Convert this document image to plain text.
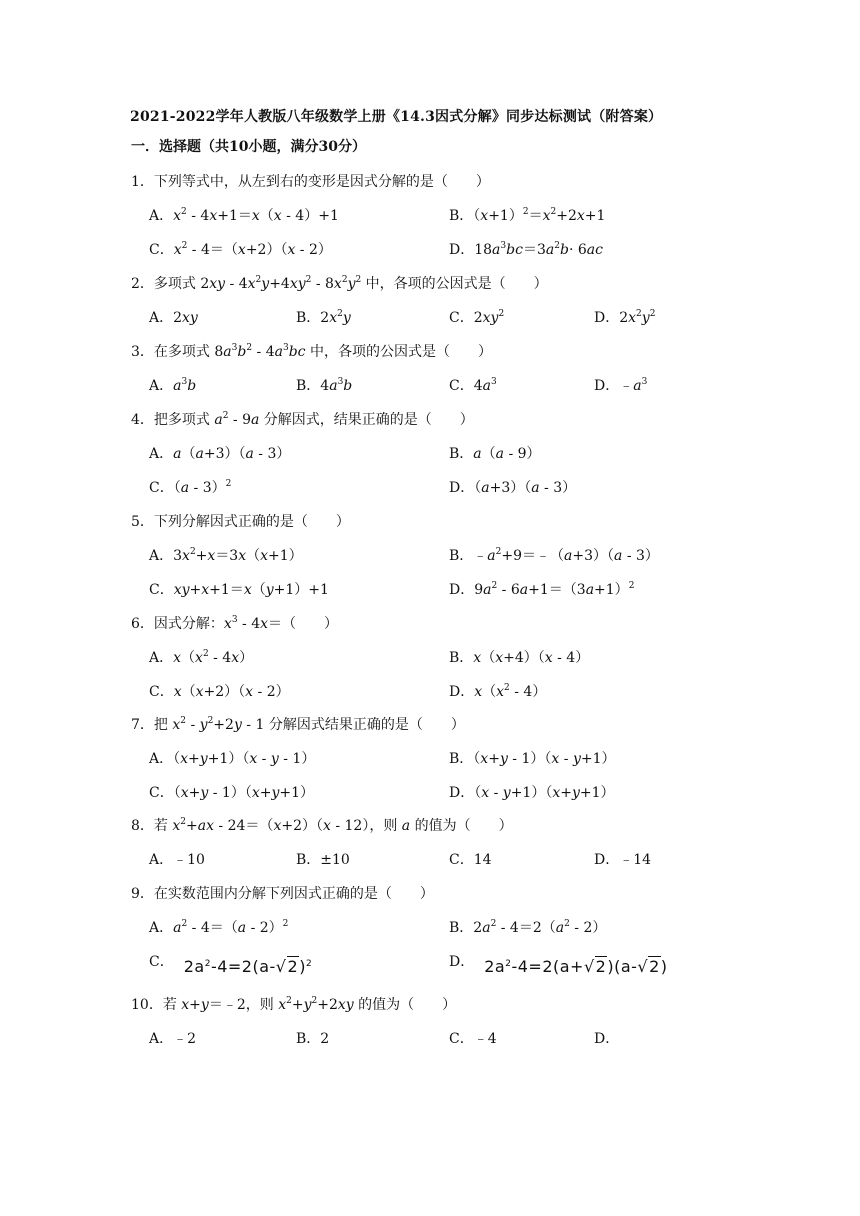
2021-2022学年人教版八年级数学上册《14.3因式分解》同步达标测试（附答案）
一．选择题（共10小题，满分30分）
1．下列等式中，从左到右的变形是因式分解的是（　　）
A．$x^2 - 4x+1=x(x - 4)+1$	B．$(x+1)^2=x^2+2x+1$
C．$x^2 - 4=(x+2)(x - 2)$	D．$18a^3bc=3a^2b\cdot 6ac$
2．多项式 $2xy - 4x^2y+4xy^2 - 8x^2y^2$ 中，各项的公因式是（　　）
A．2xy	B．$2x^2y$	C．$2xy^2$	D．$2x^2y^2$
3．在多项式 $8a^3b^2 - 4a^3bc$ 中，各项的公因式是（　　）
A．$a^3b$	B．$4a^3b$	C．$4a^3$	D．$﹣a^3$
4．把多项式 $a^2 - 9a$ 分解因式，结果正确的是（　　）
A．a（a+3）（a - 3）	B．a（a - 9）
C．（a - 3）$^2$	D．（a+3）（a - 3）
5．下列分解因式正确的是（　　）
A．$3x^2+x=3x(x+1)$	B．$﹣a^2+9=﹣(a+3)(a - 3)$
C．xy+x+1＝x（y+1）+1	D．$9a^2 - 6a+1=(3a+1)^2$
6．因式分解：$x^3 - 4x=$（　　）
A．$x(x^2 - 4x)$	B．x（x+4）（x - 4）
C．x（x+2）（x - 2）	D．$x(x^2 - 4)$
7．把 $x^2 - y^2+2y - 1$ 分解因式结果正确的是（　　）
A．（x+y+1）（x - y - 1）	B．（x+y - 1）（x - y+1）
C．（x+y - 1）（x+y+1）	D．（x - y+1）（x+y+1）
8．若 $x^2+ax - 24=(x+2)(x - 12)$，则 a 的值为（　　）
A．﹣10	B．±10	C．14	D．﹣14
9．在实数范围内分解下列因式正确的是（　　）
A．$a^2 - 4=(a - 2)^2$	B．$2a^2 - 4=2(a^2 - 2)$
C． $2a^2-4=2(a-√2)^2$	D． $2a^2-4=2(a+√2)(a-√2)$
10．若 x+y＝﹣2，则 $x^2+y^2+2xy$ 的值为（　　）
A．﹣2	B．2	C．﹣4	D．
